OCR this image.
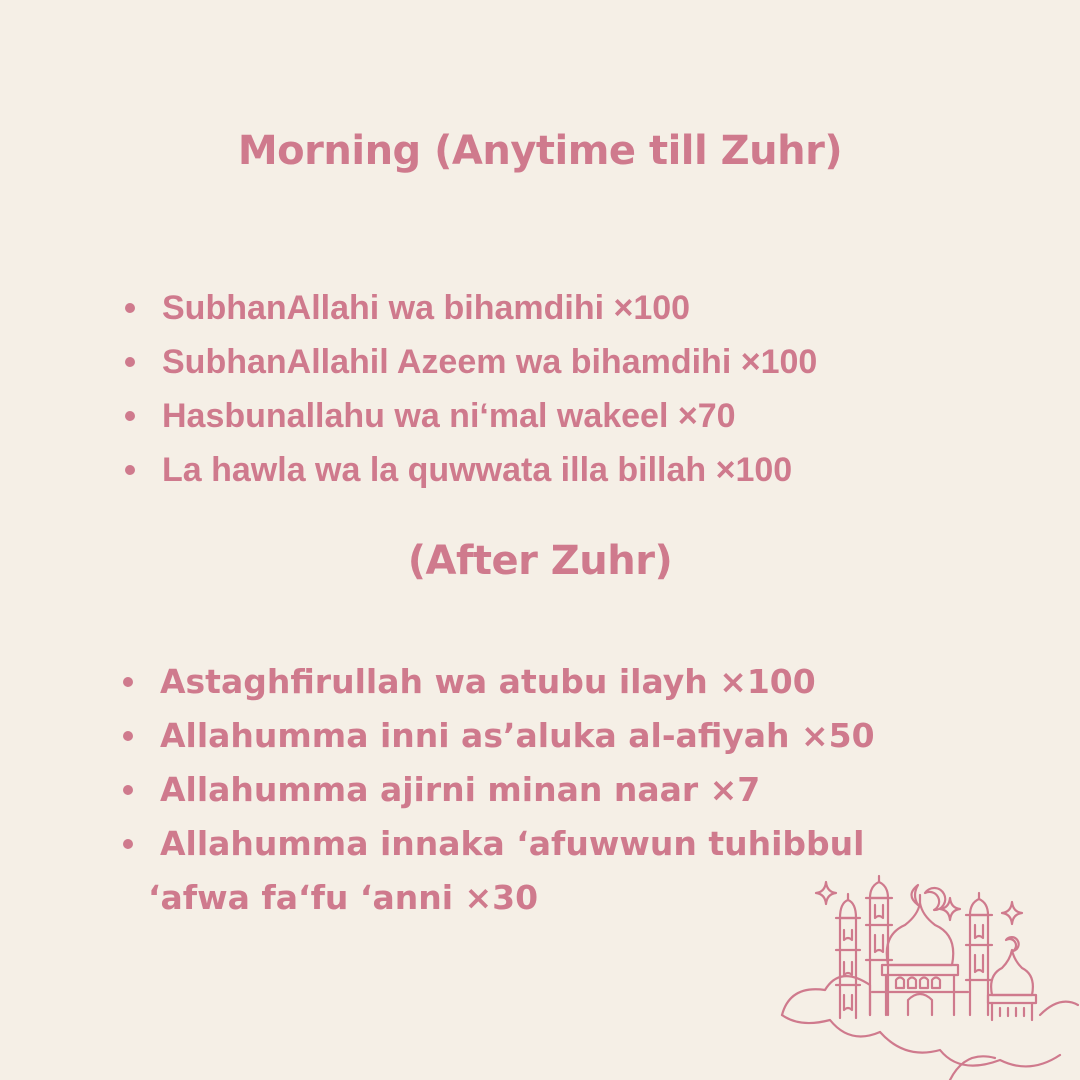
Morning (Anytime till Zuhr)
SubhanAllahi wa bihamdihi ×100
SubhanAllahil Azeem wa bihamdihi ×100
Hasbunallahu wa ni‘mal wakeel ×70
La hawla wa la quwwata illa billah ×100
(After Zuhr)
Astaghfirullah wa atubu ilayh ×100
Allahumma inni as’aluka al-afiyah ×50
Allahumma ajirni minan naar ×7
Allahumma innaka ‘afuwwun tuhibbul
‘afwa fa‘fu ‘anni ×30
